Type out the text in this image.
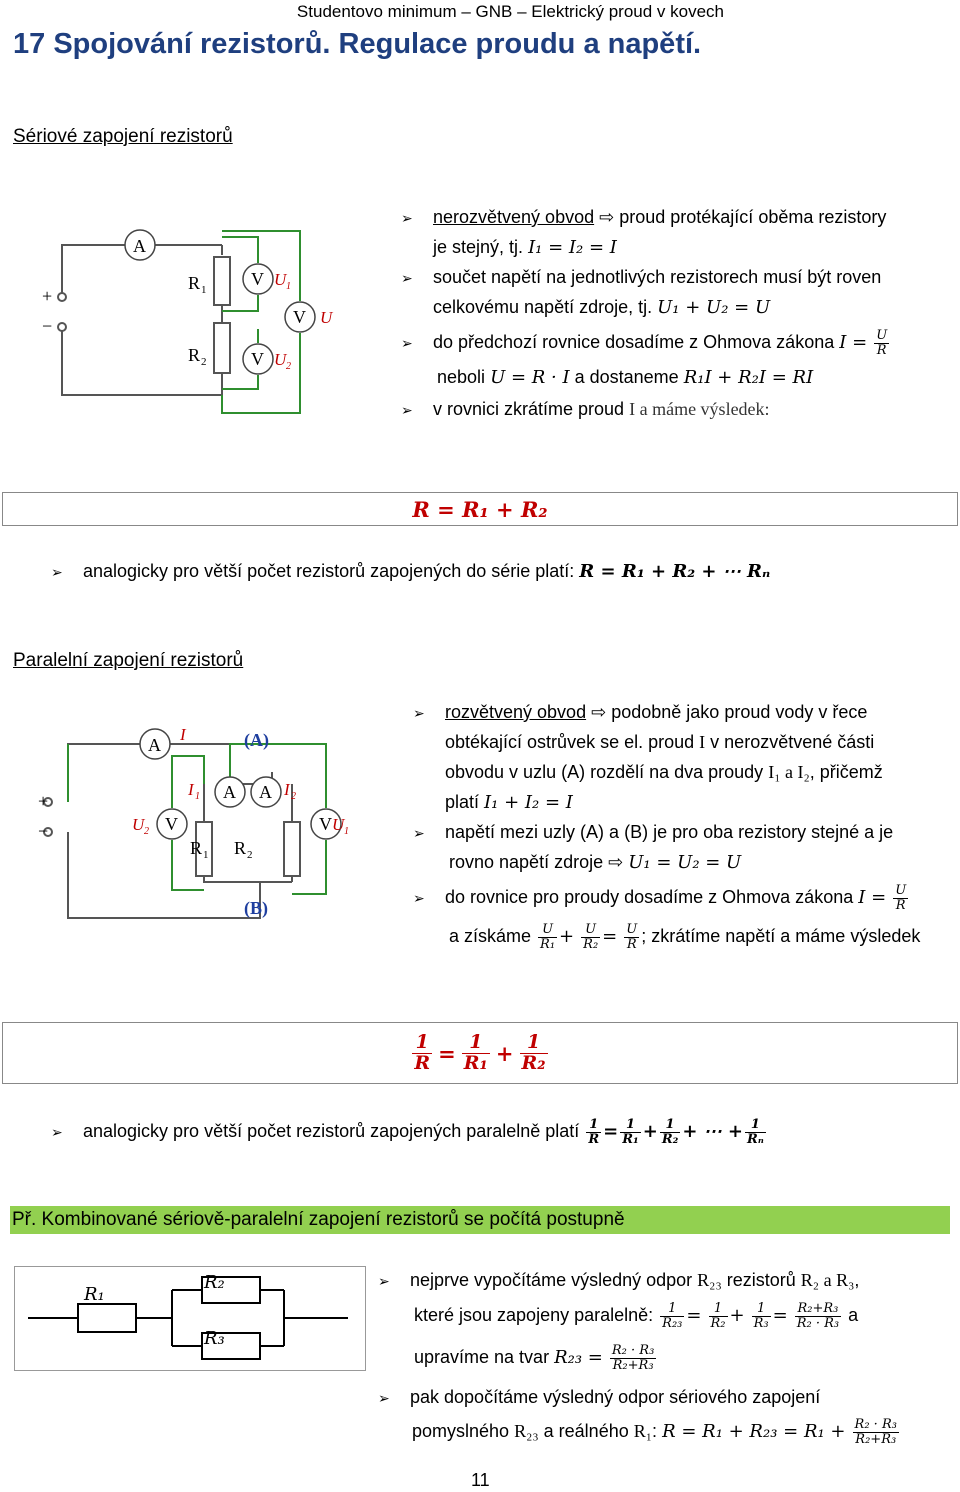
Studentovo minimum – GNB – Elektrický proud v kovech
17 Spojování rezistorů. Regulace proudu a napětí.
Sériové zapojení rezistorů
A
+
−
R 1
R 2
V
V
V
U 1
U 2
U
➢ nerozvětvený obvod ⇨ proud protékající oběma rezistory
je stejný, tj. I₁ = I₂ = I
➢ součet napětí na jednotlivých rezistorech musí být roven
celkovému napětí zdroje, tj. U₁ + U₂ = U
➢ do předchozí rovnice dosadíme z Ohmova zákona $I = \frac{U}{R}$
neboli U = R · I a dostaneme R₁I + R₂I = RI
➢ v rovnici zkrátíme proud I a máme výsledek:
R = R₁ + R₂
➢ analogicky pro větší počet rezistorů zapojených do série platí: R = R₁ + R₂ + ⋯ Rₙ
Paralelní zapojení rezistorů
A
+
−	V
A A
V
R 1 R 2
(A)
(B)
I
I 1	I 2
U 2	U 1
➢ rozvětvený obvod ⇨ podobně jako proud vody v řece
obtékající ostrůvek se el. proud I v nerozvětvené části
obvodu v uzlu (A) rozdělí na dva proudy I₁ a I₂, přičemž
platí I₁ + I₂ = I
➢ napětí mezi uzly (A) a (B) je pro oba rezistory stejné a je
rovno napětí zdroje ⇨ U₁ = U₂ = U
➢ do rovnice pro proudy dosadíme z Ohmova zákona $I = \frac{U}{R}$
a získáme $\frac{U}{\text{R₁}} + \frac{U}{\text{R₂}} = \frac{U}{R}$ ; zkrátíme napětí a máme výsledek
$\frac{1}{R} = \frac{1}{\text{R₁}} + \frac{1}{\text{R₂}}$
➢ analogicky pro větší počet rezistorů zapojených paralelně platí $\frac{1}{R} = \frac{1}{\text{R₁}} + \frac{1}{\text{R₂}}$ + ⋯ + $\frac{1}{\text{Rₙ}}$
Př. Kombinované sériově-paralelní zapojení rezistorů se počítá postupně
R₁
R₂
R₃
➢ nejprve vypočítáme výsledný odpor R₂₃ rezistorů R₂ a R₃,
které jsou zapojeny paralelně: $\frac{1}{\text{R₂₃}} = \frac{1}{\text{R₂}} + \frac{1}{\text{R₃}} = \frac{\text{R₂+R₃}}{\text{R₂ · R₃}}$ a
upravíme na tvar $R_{23} = \frac{\text{R₂ · R₃}}{\text{R₂+R₃}}$
➢ pak dopočítáme výsledný odpor sériového zapojení
pomyslného R₂₃ a reálného R₁: $R = R_1 + R_{23} = R_1 + \frac{\text{R₂ · R₃}}{\text{R₂+R₃}}$
11
